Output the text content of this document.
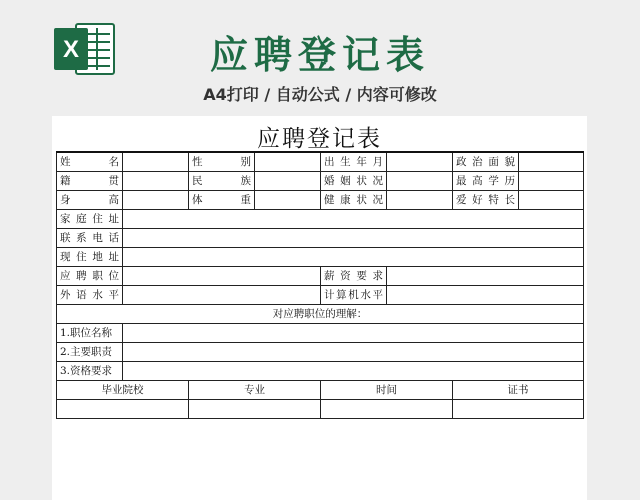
X	应聘登记表
A4打印 / 自动公式 / 内容可修改
应聘登记表
姓名		性别		出生年月		政治面貌	
籍贯		民族		婚姻状况		最高学历	
身高		体重		健康状况		爱好特长	
家庭住址							
联系电话							
现住地址							
应聘职位				薪资要求			
外语水平				计算机水平			
对应聘职位的理解：							
1.职位名称							
2.主要职责							
3.资格要求							
毕业院校		专业		时间		证书	
